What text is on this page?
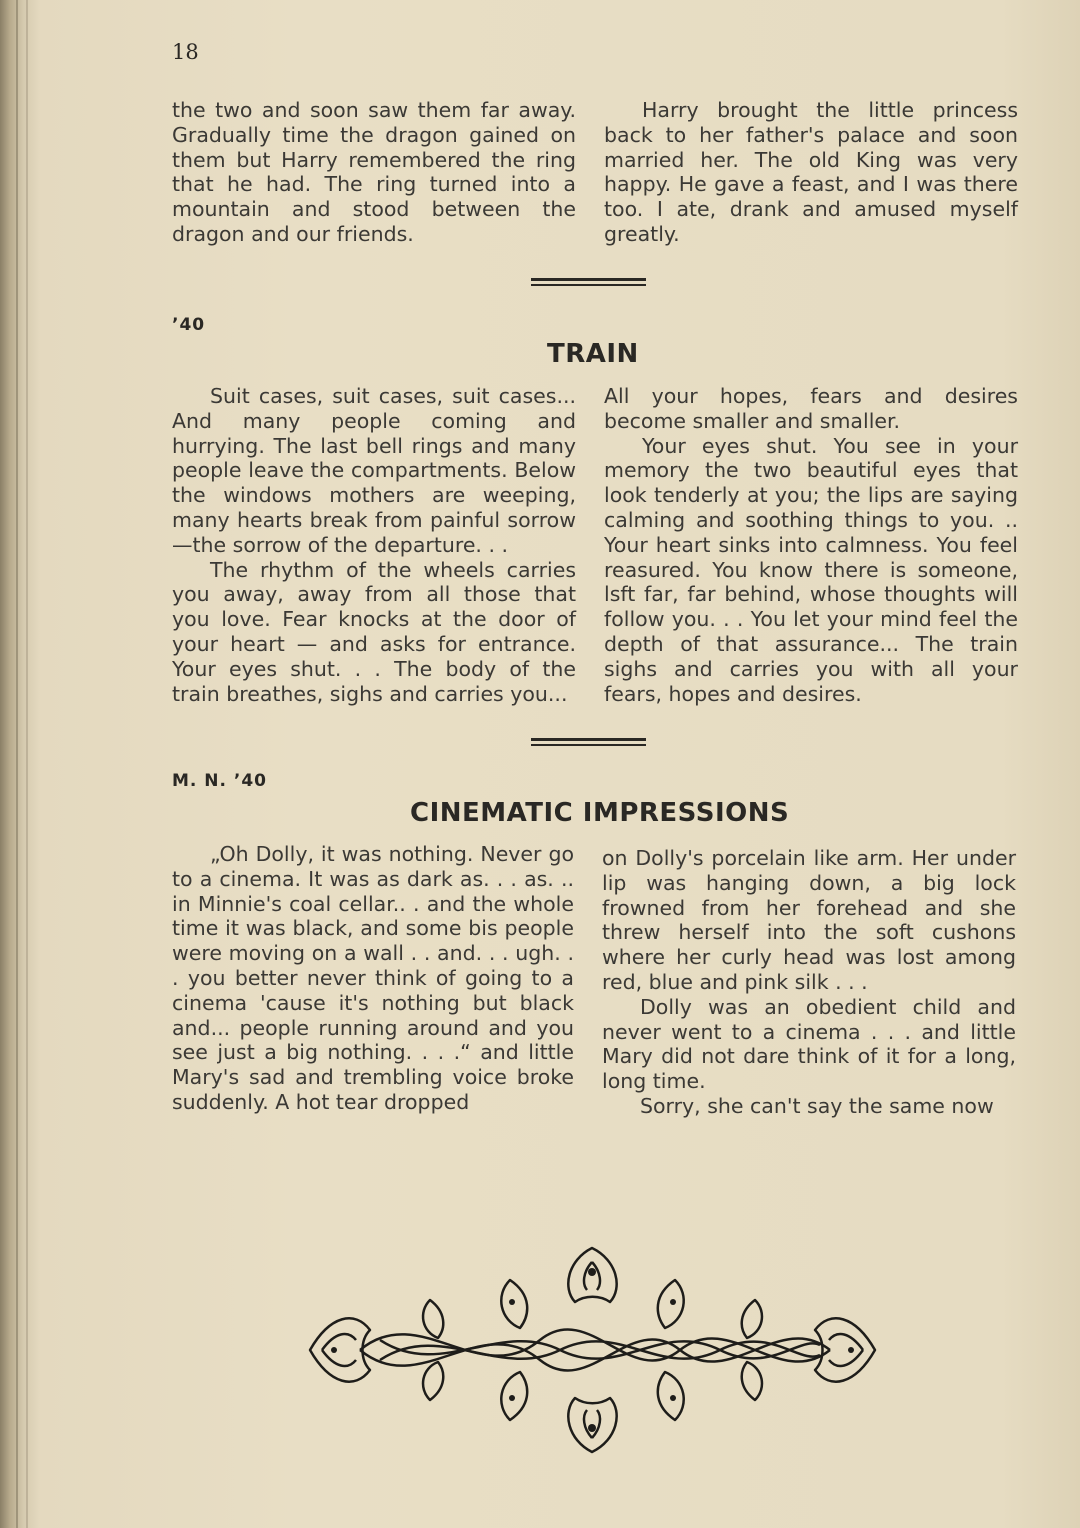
18

the two and soon saw them far away. Gradually time the dragon gained on them but Harry remembered the ring that he had. The ring turned into a mountain and stood between the dragon and our friends.

Harry brought the little princess back to her father's palace and soon married her. The old King was very happy. He gave a feast, and I was there too. I ate, drank and amused myself greatly.

’40
TRAIN

Suit cases, suit cases, suit cases... And many people coming and hurrying. The last bell rings and many people leave the compartments. Below the windows mothers are weeping, many hearts break from painful sorrow—the sorrow of the departure. . .

The rhythm of the wheels carries you away, away from all those that you love. Fear knocks at the door of your heart — and asks for entrance. Your eyes shut. . . The body of the train breathes, sighs and carries you...

All your hopes, fears and desires become smaller and smaller.

Your eyes shut. You see in your memory the two beautiful eyes that look tenderly at you; the lips are saying calming and soothing things to you. .. Your heart sinks into calmness. You feel reasured. You know there is someone, lsft far, far behind, whose thoughts will follow you. . . You let your mind feel the depth of that assurance... The train sighs and carries you with all your fears, hopes and desires.

M. N. ’40
CINEMATIC IMPRESSIONS

„Oh Dolly, it was nothing. Never go to a cinema. It was as dark as. . . as. .. in Minnie's coal cellar.. . and the whole time it was black, and some bis people were moving on a wall . . and. . . ugh. . . you better never think of going to a cinema 'cause it's nothing but black and... people running around and you see just a big nothing. . . .“ and little Mary's sad and trembling voice broke suddenly. A hot tear dropped

on Dolly's porcelain like arm. Her under lip was hanging down, a big lock frowned from her forehead and she threw herself into the soft cushons where her curly head was lost among red, blue and pink silk . . .

Dolly was an obedient child and never went to a cinema . . . and little Mary did not dare think of it for a long, long time.

Sorry, she can't say the same now
